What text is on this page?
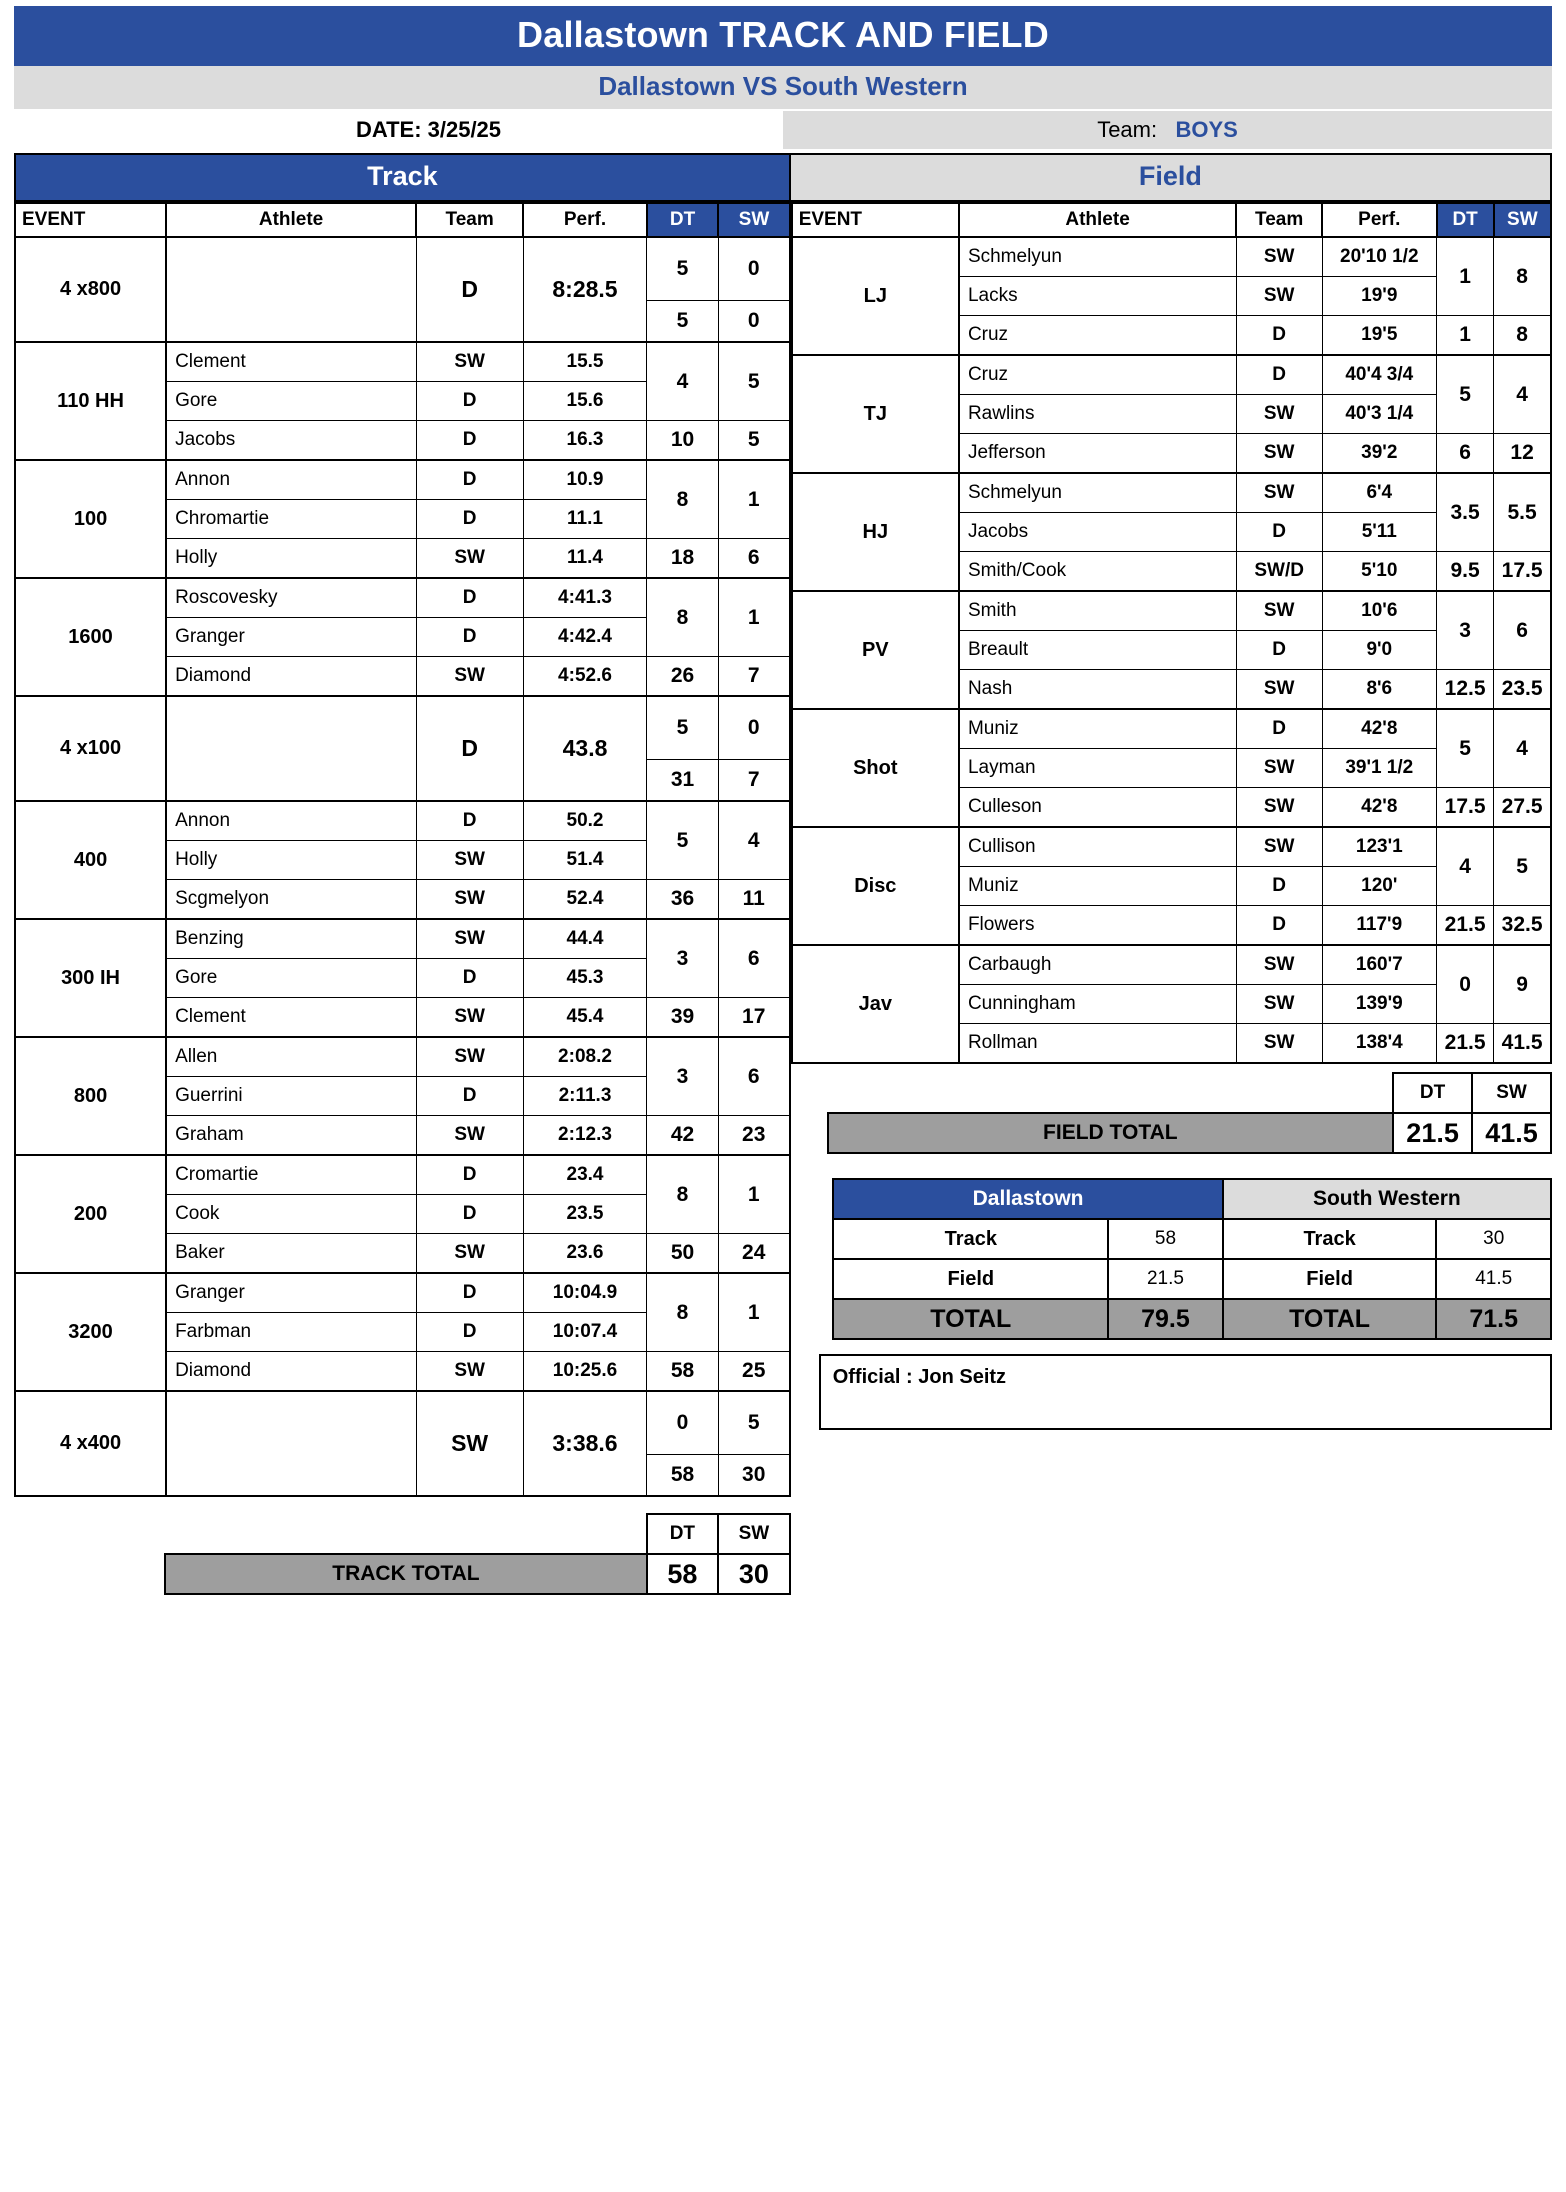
Dallastown TRACK AND FIELD
Dallastown VS South Western
DATE: 3/25/25	Team: BOYS
Track	Field
EVENT	Athlete	Team	Perf.	DT	SW
4 x800		D	8:28.5	5	0
				5	0
110 HH	Clement	SW	15.5	4	5
	Gore	D	15.6		
	Jacobs	D	16.3	10	5
100	Annon	D	10.9	8	1
	Chromartie	D	11.1		
	Holly	SW	11.4	18	6
1600	Roscovesky	D	4:41.3	8	1
	Granger	D	4:42.4		
	Diamond	SW	4:52.6	26	7
4 x100		D	43.8	5	0
				31	7
400	Annon	D	50.2	5	4
	Holly	SW	51.4		
	Scgmelyon	SW	52.4	36	11
300 IH	Benzing	SW	44.4	3	6
	Gore	D	45.3		
	Clement	SW	45.4	39	17
800	Allen	SW	2:08.2	3	6
	Guerrini	D	2:11.3		
	Graham	SW	2:12.3	42	23
200	Cromartie	D	23.4	8	1
	Cook	D	23.5		
	Baker	SW	23.6	50	24
3200	Granger	D	10:04.9	8	1
	Farbman	D	10:07.4		
	Diamond	SW	10:25.6	58	25
4 x400		SW	3:38.6	0	5
				58	30
				DT	SW
	TRACK TOTAL			58	30
EVENT	Athlete	Team	Perf.	DT	SW
LJ	Schmelyun	SW	20'10 1/2	1	8
	Lacks	SW	19'9		
	Cruz	D	19'5	1	8
TJ	Cruz	D	40'4 3/4	5	4
	Rawlins	SW	40'3 1/4		
	Jefferson	SW	39'2	6	12
HJ	Schmelyun	SW	6'4	3.5	5.5
	Jacobs	D	5'11		
	Smith/Cook	SW/D	5'10	9.5	17.5
PV	Smith	SW	10'6	3	6
	Breault	D	9'0		
	Nash	SW	8'6	12.5	23.5
Shot	Muniz	D	42'8	5	4
	Layman	SW	39'1 1/2		
	Culleson	SW	42'8	17.5	27.5
Disc	Cullison	SW	123'1	4	5
	Muniz	D	120'		
	Flowers	D	117'9	21.5	32.5
Jav	Carbaugh	SW	160'7	0	9
	Cunningham	SW	139'9		
	Rollman	SW	138'4	21.5	41.5
		DT	SW
	FIELD TOTAL	21.5	41.5
	Dallastown		South Western	
	Track	58	Track	30
	Field	21.5	Field	41.5
	TOTAL	79.5	TOTAL	71.5
Official : Jon Seitz
